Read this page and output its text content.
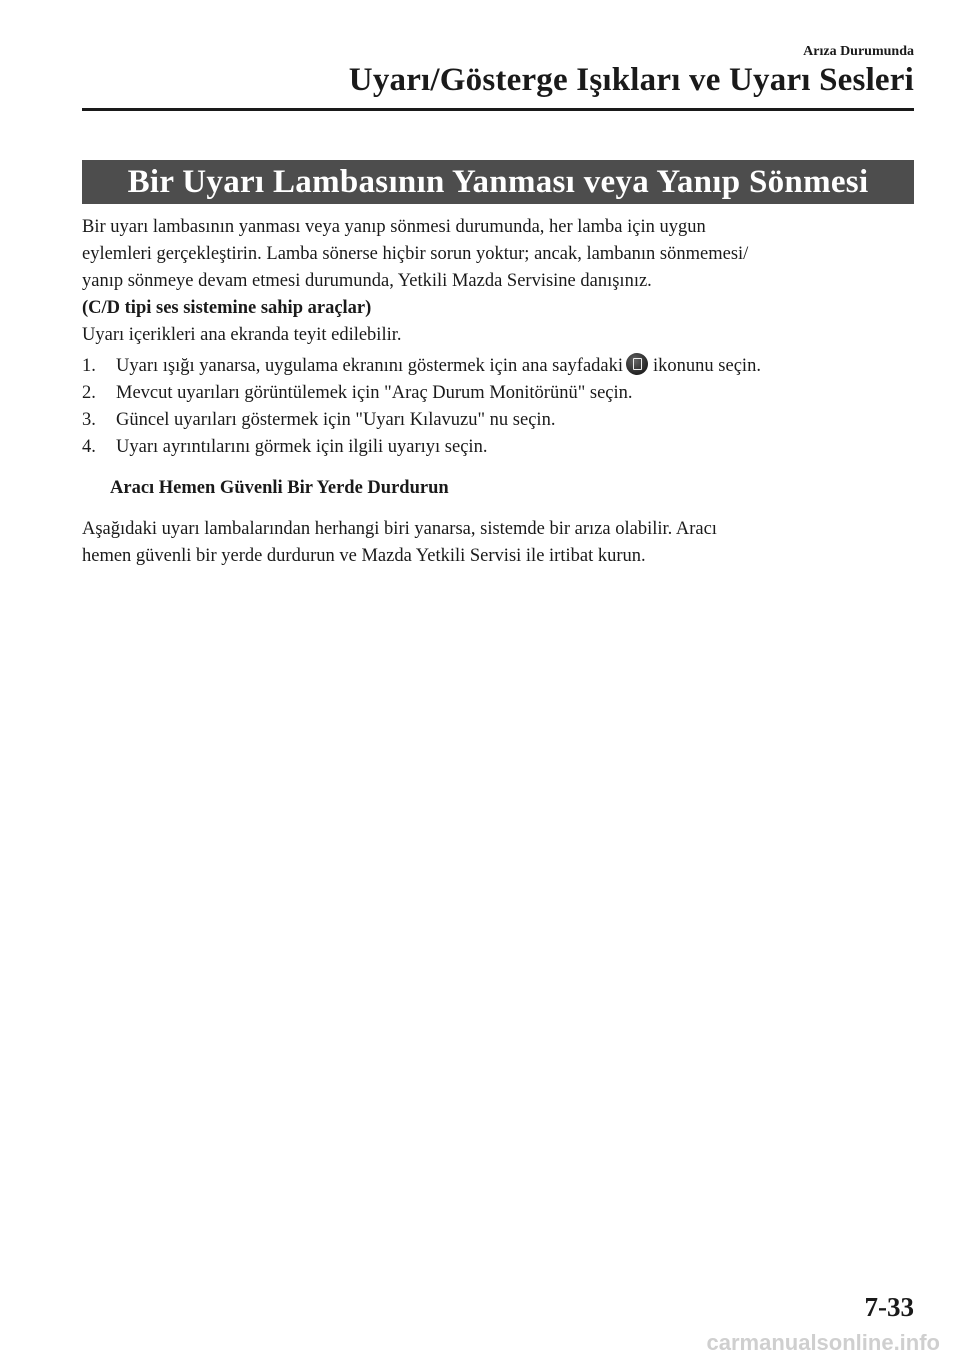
Arıza Durumunda
Uyarı/Gösterge Işıkları ve Uyarı Sesleri
Bir Uyarı Lambasının Yanması veya Yanıp Sönmesi

Bir uyarı lambasının yanması veya yanıp sönmesi durumunda, her lamba için uygun

eylemleri gerçekleştirin. Lamba sönerse hiçbir sorun yoktur; ancak, lambanın sönmemesi/

yanıp sönmeye devam etmesi durumunda, Yetkili Mazda Servisine danışınız.

(C/D tipi ses sistemine sahip araçlar)

Uyarı içerikleri ana ekranda teyit edilebilir.

1.	Uyarı ışığı yanarsa, uygulama ekranını göstermek için ana sayfadaki ikonunu seçin.
2.	Mevcut uyarıları görüntülemek için "Araç Durum Monitörünü" seçin.
3.	Güncel uyarıları göstermek için "Uyarı Kılavuzu" nu seçin.
4.	Uyarı ayrıntılarını görmek için ilgili uyarıyı seçin.

Aracı Hemen Güvenli Bir Yerde Durdurun

Aşağıdaki uyarı lambalarından herhangi biri yanarsa, sistemde bir arıza olabilir. Aracı

hemen güvenli bir yerde durdurun ve Mazda Yetkili Servisi ile irtibat kurun.

7-33
carmanualsonline.info
